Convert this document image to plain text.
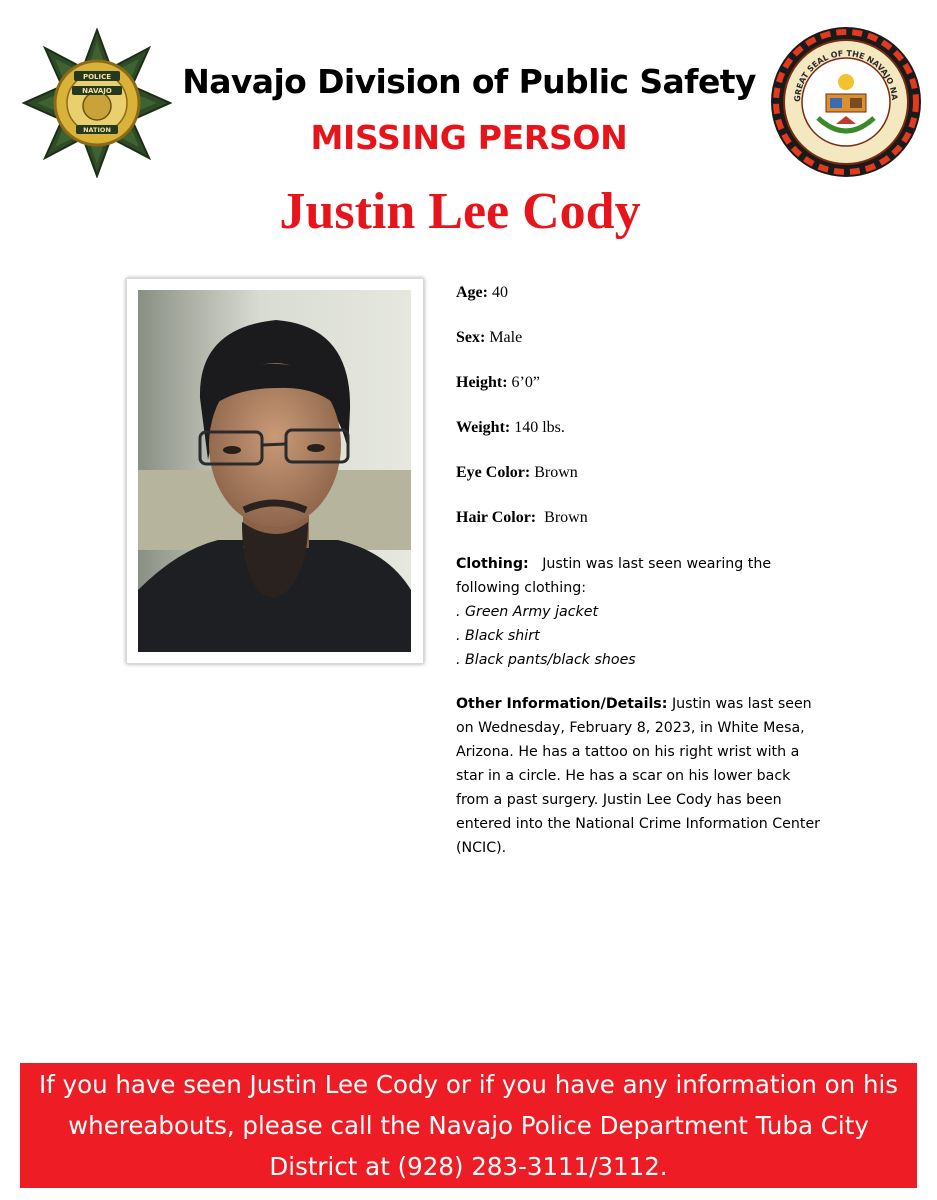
POLICE
NAVAJO
NATION
GREAT SEAL OF THE NAVAJO NA
Navajo Division of Public Safety
MISSING PERSON
Justin Lee Cody
Age: 40
Sex: Male
Height: 6’0”
Weight: 140 lbs.
Eye Color: Brown
Hair Color: Brown
Clothing: Justin was last seen wearing the following clothing:
. Green Army jacket
. Black shirt
. Black pants/black shoes
Other Information/Details: Justin was last seen on Wednesday, February 8, 2023, in White Mesa, Arizona. He has a tattoo on his right wrist with a star in a circle. He has a scar on his lower back from a past surgery. Justin Lee Cody has been entered into the National Crime Information Center (NCIC).
If you have seen Justin Lee Cody or if you have any information on his whereabouts, please call the Navajo Police Department Tuba City District at (928) 283-3111/3112.
